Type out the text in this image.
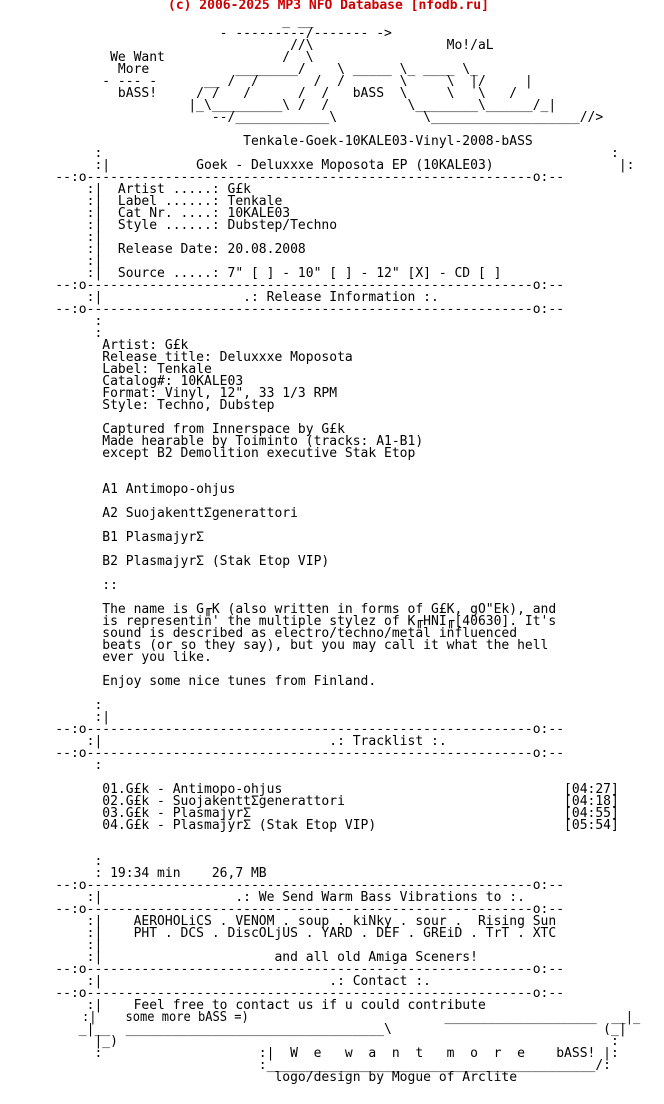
(c) 2006-2025 MP3 NFO Database [nfodb.ru]
_ __
- ---------/------- ->
//\                 Mo!/aL
We Want               /  \
More           ________/    \ _____ \_ ____ \_
- --- -      __ /  /       /  /       \     \  |/     |
bASS!     / /   /      /  /   bASS  \     \   \   /
|_\_________\ /  /          \________\______/_|
--/____________\           \___________________//>
Tenkale-Goek-10KALE03-Vinyl-2008-bASS
:                                                                 :
:|           Goek - Deluxxxe Moposota EP (10KALE03)                |:
--:o---------------------------------------------------------o:--
:|  Artist .....: G£k
:|  Label ......: Tenkale
:|  Cat Nr. ....: 10KALE03
:|  Style ......: Dubstep/Techno
:|
:|  Release Date: 20.08.2008
:|
:|  Source .....: 7" [ ] - 10" [ ] - 12" [X] - CD [ ]
--:o---------------------------------------------------------o:--
:|                  .: Release Information :.
--:o---------------------------------------------------------o:--
:
:
Artist: G£k
Release title: Deluxxxe Moposota
Label: Tenkale
Catalog#: 10KALE03
Format: Vinyl, 12", 33 1/3 RPM
Style: Techno, Dubstep
Captured from Innerspace by G£k
Made hearable by Toiminto (tracks: A1-B1)
except B2 Demolition executive Stak Etop
A1 Antimopo-ohjus
A2 SuojakenttΣgenerattori
B1 PlasmajyrΣ
B2 PlasmajyrΣ (Stak Etop VIP)
::
The name is G╓K (also written in forms of G£K, gO"Ek), and
is representin' the multiple stylez of K╓HNI╓[40630]. It's
sound is described as electro/techno/metal influenced
beats (or so they say), but you may call it what the hell
ever you like.
Enjoy some nice tunes from Finland.
:
:|
--:o---------------------------------------------------------o:--
:|                             .: Tracklist :.
--:o---------------------------------------------------------o:--
:
01.G£k - Antimopo-ohjus                                    [04:27]
02.G£k - SuojakenttΣgenerattori                            [04:18]
03.G£k - PlasmajyrΣ                                        [04:55]
04.G£k - PlasmajyrΣ (Stak Etop VIP)                        [05:54]
:
: 19:34 min    26,7 MB
--:o---------------------------------------------------------o:--
:|                 .: We Send Warm Bass Vibrations to :.
--:o---------------------------------------------------------o:--
:|    AEROHOLiCS . VENOM . soup . kiNky . sour .  Rising Sun
:|    PHT . DCS . DiscOLjUS . YARD . DEF . GREiD . TrT . XTC
:|
:|                      and all old Amiga Sceners!
--:o---------------------------------------------------------o:--
:|                             .: Contact :.
--:o---------------------------------------------------------o:--
:|    Feel free to contact us if u could contribute
:|    some more bASS =)                           _____________________  __|_
_|__  _________________________________\                           (_|
|_)                                                               :
:                    :|  W  e   w  a  n  t   m  o  r  e    bASS! |:
:__________________________________________/:
logo/design by Mogue of Arclite
